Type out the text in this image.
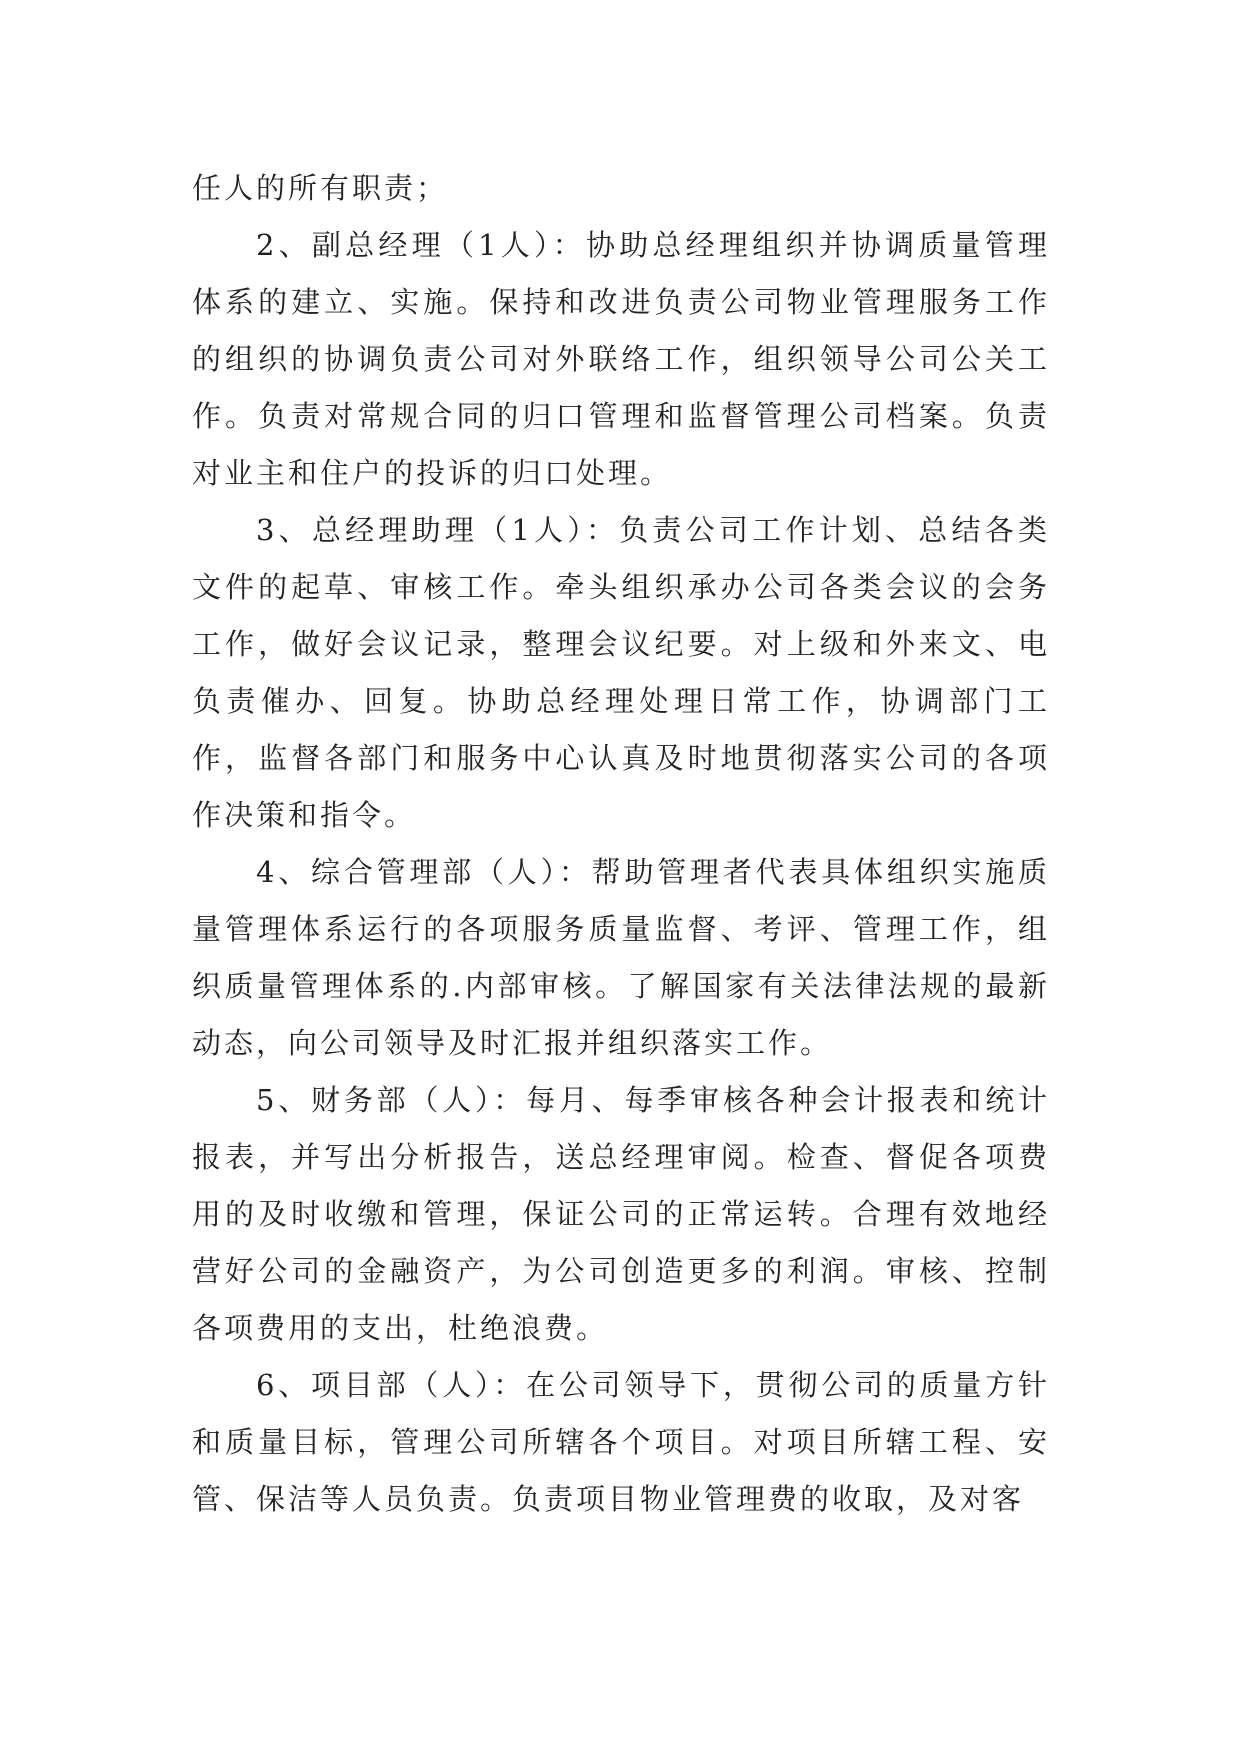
任人的所有职责；

2、副总经理（1人）：协助总经理组织并协调质量管理体系的建立、实施。保持和改进负责公司物业管理服务工作的组织的协调负责公司对外联络工作，组织领导公司公关工作。负责对常规合同的归口管理和监督管理公司档案。负责对业主和住户的投诉的归口处理。

3、总经理助理（1人）：负责公司工作计划、总结各类文件的起草、审核工作。牵头组织承办公司各类会议的会务工作，做好会议记录，整理会议纪要。对上级和外来文、电负责催办、回复。协助总经理处理日常工作，协调部门工作，监督各部门和服务中心认真及时地贯彻落实公司的各项作决策和指令。

4、综合管理部（人）：帮助管理者代表具体组织实施质量管理体系运行的各项服务质量监督、考评、管理工作，组织质量管理体系的.内部审核。了解国家有关法律法规的最新动态，向公司领导及时汇报并组织落实工作。

5、财务部（人）：每月、每季审核各种会计报表和统计报表，并写出分析报告，送总经理审阅。检查、督促各项费用的及时收缴和管理，保证公司的正常运转。合理有效地经营好公司的金融资产，为公司创造更多的利润。审核、控制各项费用的支出，杜绝浪费。

6、项目部（人）：在公司领导下，贯彻公司的质量方针和质量目标，管理公司所辖各个项目。对项目所辖工程、安管、保洁等人员负责。负责项目物业管理费的收取，及对客
